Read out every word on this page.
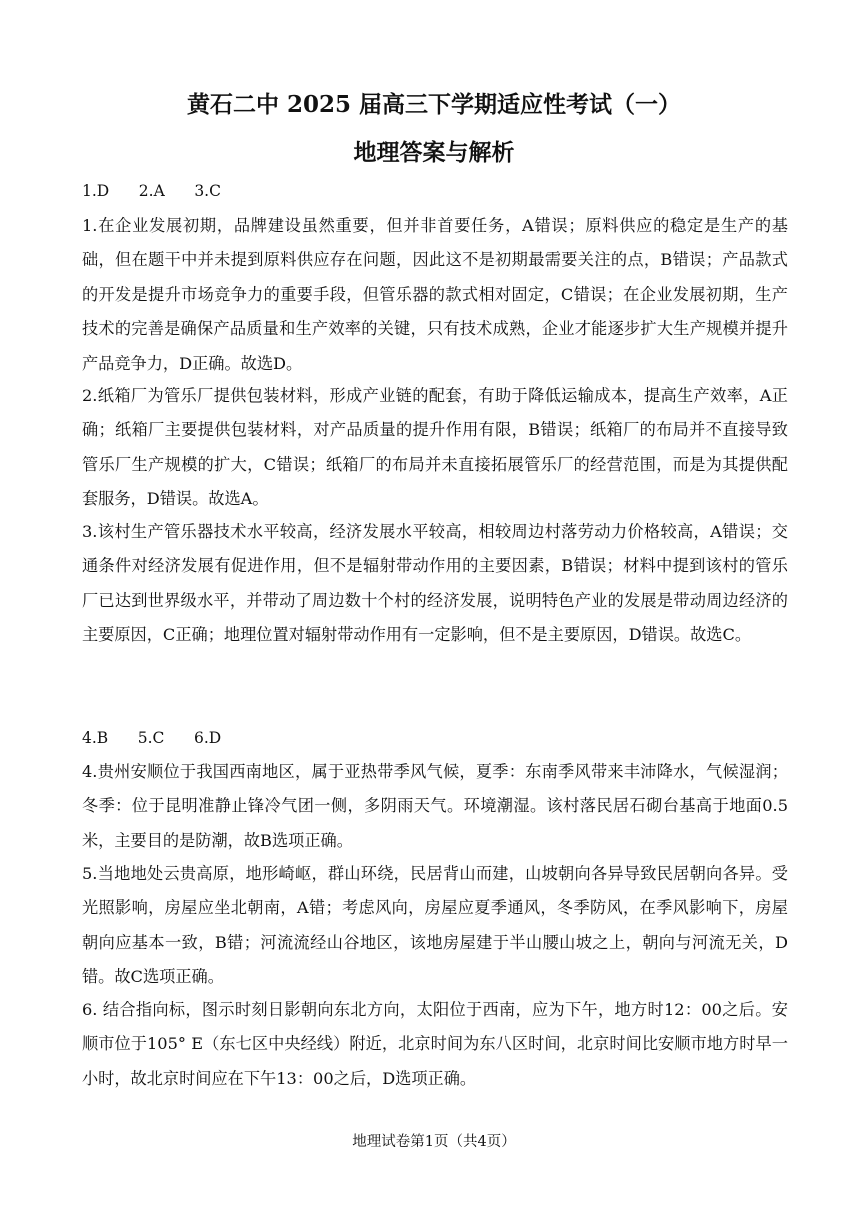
黄石二中 2025 届高三下学期适应性考试（一）
地理答案与解析
1.D      2.A      3.C

1.在企业发展初期，品牌建设虽然重要，但并非首要任务，A错误；原料供应的稳定是生产的基础，但在题干中并未提到原料供应存在问题，因此这不是初期最需要关注的点，B错误；产品款式的开发是提升市场竞争力的重要手段，但管乐器的款式相对固定，C错误；在企业发展初期，生产技术的完善是确保产品质量和生产效率的关键，只有技术成熟，企业才能逐步扩大生产规模并提升产品竞争力，D正确。故选D。

2.纸箱厂为管乐厂提供包装材料，形成产业链的配套，有助于降低运输成本，提高生产效率，A正确；纸箱厂主要提供包装材料，对产品质量的提升作用有限，B错误；纸箱厂的布局并不直接导致管乐厂生产规模的扩大，C错误；纸箱厂的布局并未直接拓展管乐厂的经营范围，而是为其提供配套服务，D错误。故选A。

3.该村生产管乐器技术水平较高，经济发展水平较高，相较周边村落劳动力价格较高，A错误；交通条件对经济发展有促进作用，但不是辐射带动作用的主要因素，B错误；材料中提到该村的管乐厂已达到世界级水平，并带动了周边数十个村的经济发展，说明特色产业的发展是带动周边经济的主要原因，C正确；地理位置对辐射带动作用有一定影响，但不是主要原因，D错误。故选C。

4.B      5.C      6.D

4.贵州安顺位于我国西南地区，属于亚热带季风气候，夏季：东南季风带来丰沛降水，气候湿润；冬季：位于昆明准静止锋冷气团一侧，多阴雨天气。环境潮湿。该村落民居石砌台基高于地面0.5米，主要目的是防潮，故B选项正确。

5.当地地处云贵高原，地形崎岖，群山环绕，民居背山而建，山坡朝向各异导致民居朝向各异。受光照影响，房屋应坐北朝南，A错；考虑风向，房屋应夏季通风，冬季防风，在季风影响下，房屋朝向应基本一致，B错；河流流经山谷地区，该地房屋建于半山腰山坡之上，朝向与河流无关，D错。故C选项正确。

6. 结合指向标，图示时刻日影朝向东北方向，太阳位于西南，应为下午，地方时12：00之后。安顺市位于105° E（东七区中央经线）附近，北京时间为东八区时间，北京时间比安顺市地方时早一小时，故北京时间应在下午13：00之后，D选项正确。

地理试卷第1页（共4页）
